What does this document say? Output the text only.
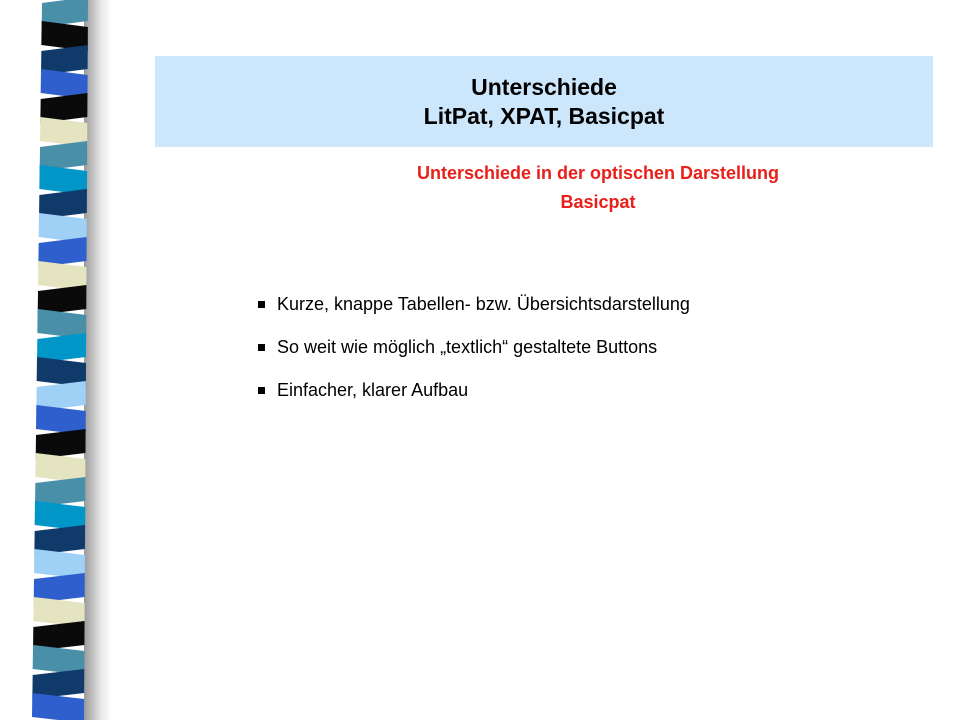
Unterschiede
LitPat, XPAT, Basicpat
Unterschiede in der optischen Darstellung
Basicpat
Kurze, knappe Tabellen- bzw. Übersichtsdarstellung
So weit wie möglich „textlich“ gestaltete Buttons
Einfacher, klarer Aufbau
